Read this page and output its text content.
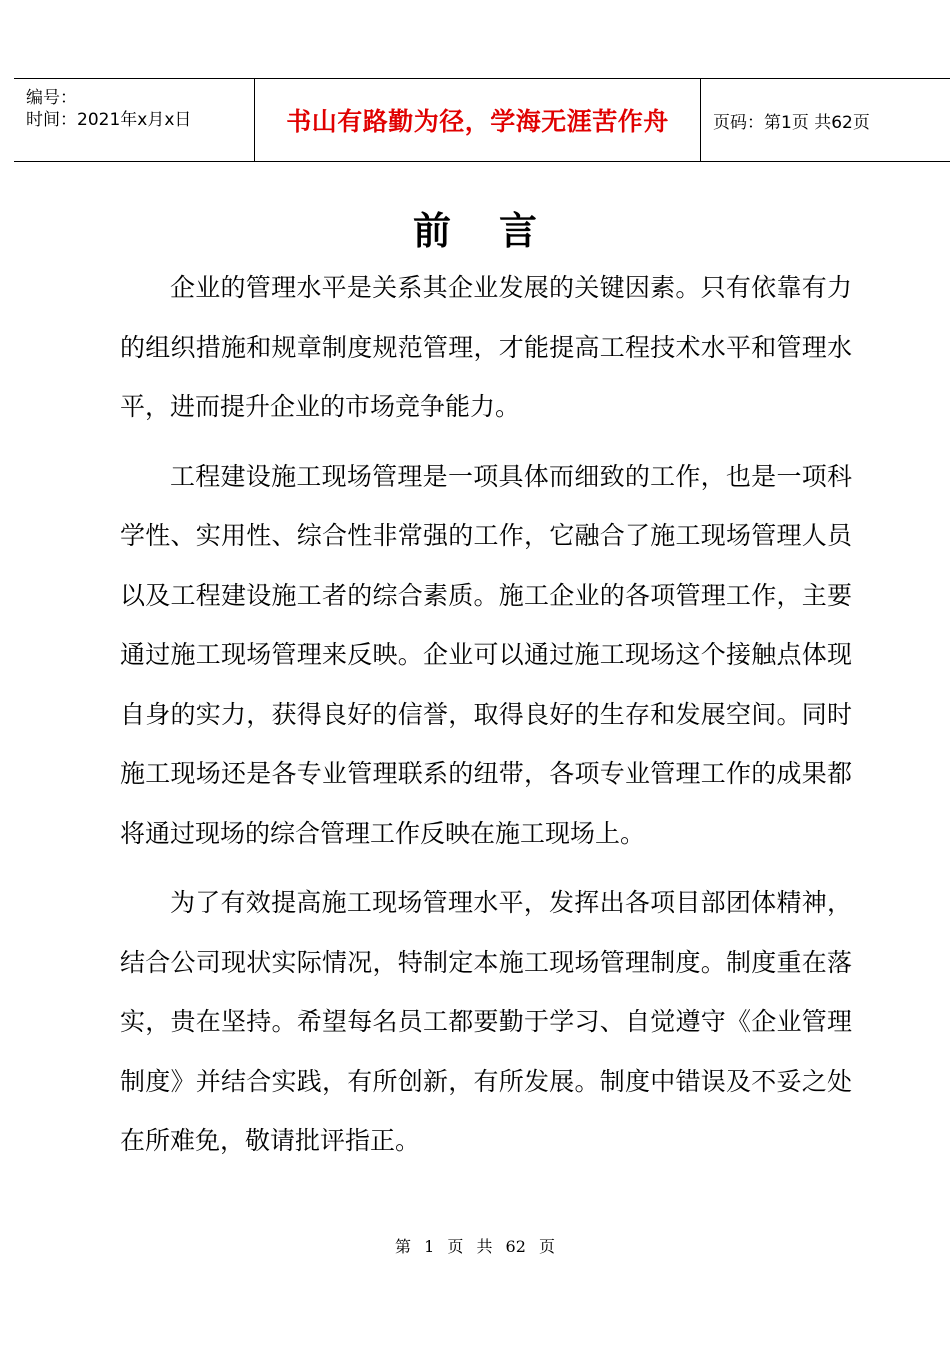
编号：
时间：2021年x月x日	书山有路勤为径，学海无涯苦作舟	页码：第1页 共62页
前言

企业的管理水平是关系其企业发展的关键因素。只有依靠有力的组织措施和规章制度规范管理，才能提高工程技术水平和管理水平，进而提升企业的市场竞争能力。

工程建设施工现场管理是一项具体而细致的工作，也是一项科学性、实用性、综合性非常强的工作，它融合了施工现场管理人员以及工程建设施工者的综合素质。施工企业的各项管理工作，主要通过施工现场管理来反映。企业可以通过施工现场这个接触点体现自身的实力，获得良好的信誉，取得良好的生存和发展空间。同时施工现场还是各专业管理联系的纽带，各项专业管理工作的成果都将通过现场的综合管理工作反映在施工现场上。

为了有效提高施工现场管理水平，发挥出各项目部团体精神，结合公司现状实际情况，特制定本施工现场管理制度。制度重在落实，贵在坚持。希望每名员工都要勤于学习、自觉遵守《企业管理制度》并结合实践，有所创新，有所发展。制度中错误及不妥之处在所难免，敬请批评指正。

第 1 页 共 62 页
